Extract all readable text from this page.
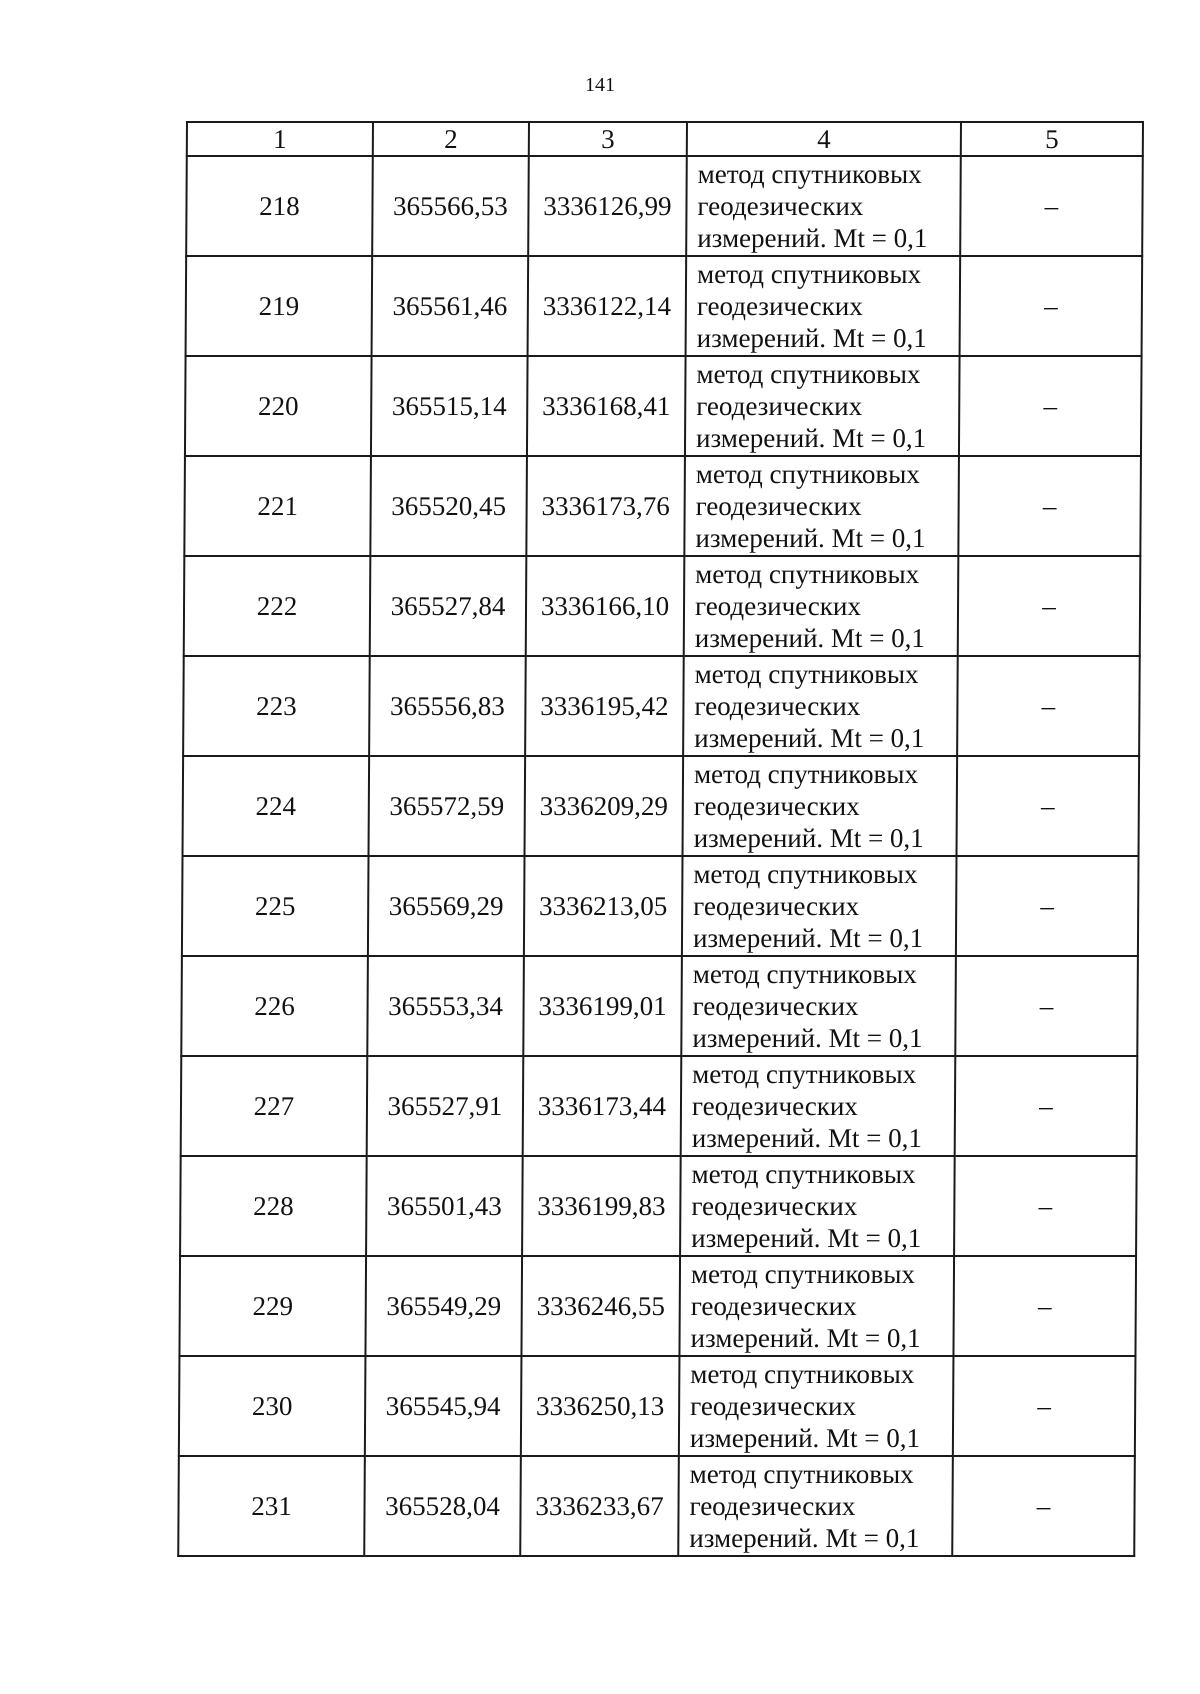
141
1	2	3	4	5
218	365566,53	3336126,99	метод спутниковых
геодезических
измерений. Mt = 0,1	–
219	365561,46	3336122,14	метод спутниковых
геодезических
измерений. Mt = 0,1	–
220	365515,14	3336168,41	метод спутниковых
геодезических
измерений. Mt = 0,1	–
221	365520,45	3336173,76	метод спутниковых
геодезических
измерений. Mt = 0,1	–
222	365527,84	3336166,10	метод спутниковых
геодезических
измерений. Mt = 0,1	–
223	365556,83	3336195,42	метод спутниковых
геодезических
измерений. Mt = 0,1	–
224	365572,59	3336209,29	метод спутниковых
геодезических
измерений. Mt = 0,1	–
225	365569,29	3336213,05	метод спутниковых
геодезических
измерений. Mt = 0,1	–
226	365553,34	3336199,01	метод спутниковых
геодезических
измерений. Mt = 0,1	–
227	365527,91	3336173,44	метод спутниковых
геодезических
измерений. Mt = 0,1	–
228	365501,43	3336199,83	метод спутниковых
геодезических
измерений. Mt = 0,1	–
229	365549,29	3336246,55	метод спутниковых
геодезических
измерений. Mt = 0,1	–
230	365545,94	3336250,13	метод спутниковых
геодезических
измерений. Mt = 0,1	–
231	365528,04	3336233,67	метод спутниковых
геодезических
измерений. Mt = 0,1	–
